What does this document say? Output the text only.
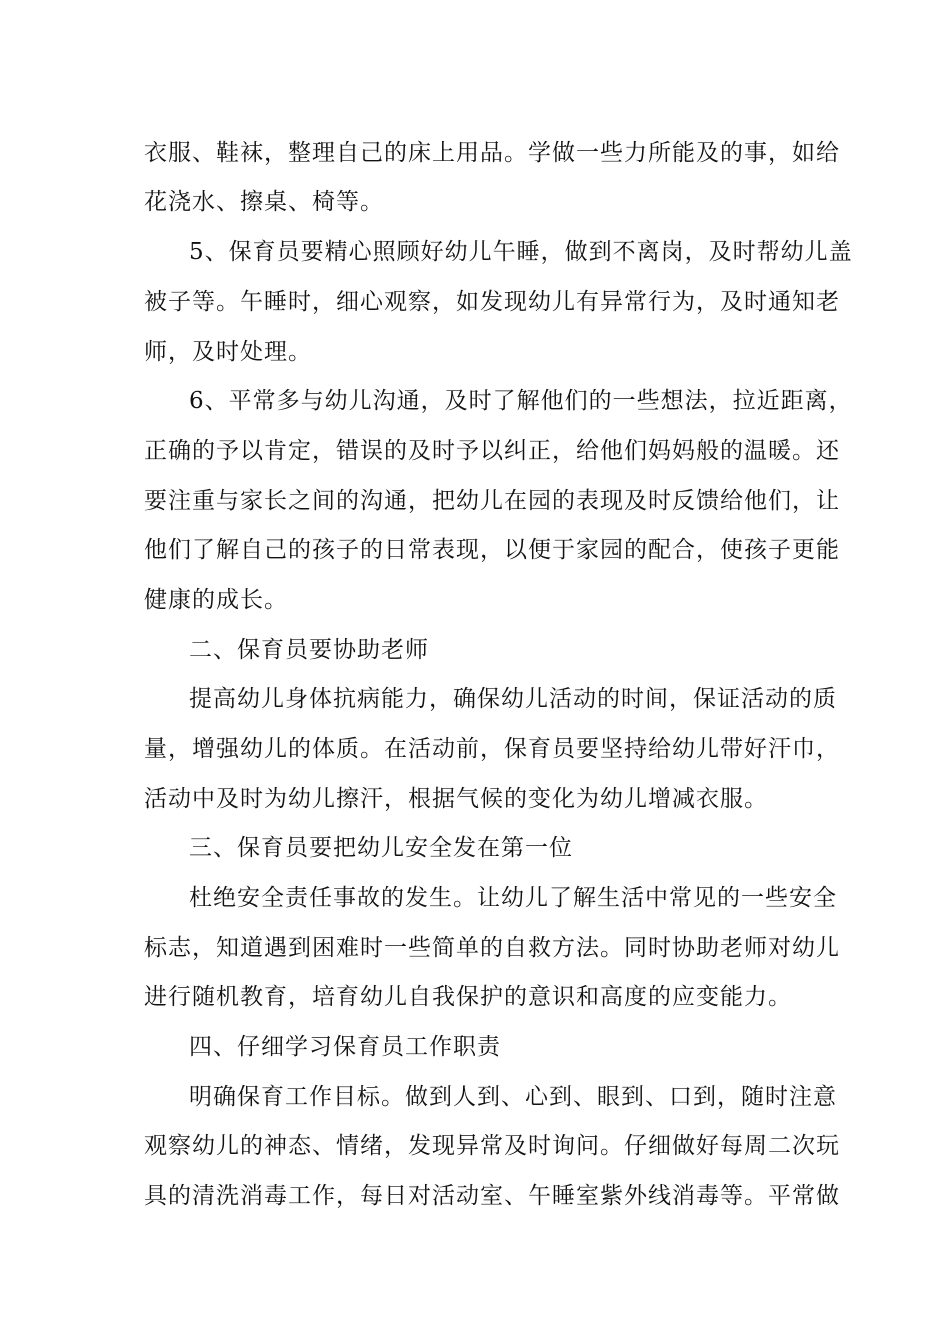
衣服、鞋袜，整理自己的床上用品。学做一些力所能及的事，如给
花浇水、擦桌、椅等。
5、保育员要精心照顾好幼儿午睡，做到不离岗，及时帮幼儿盖
被子等。午睡时，细心观察，如发现幼儿有异常行为，及时通知老
师，及时处理。
6、平常多与幼儿沟通，及时了解他们的一些想法，拉近距离，
正确的予以肯定，错误的及时予以纠正，给他们妈妈般的温暖。还
要注重与家长之间的沟通，把幼儿在园的表现及时反馈给他们，让
他们了解自己的孩子的日常表现，以便于家园的配合，使孩子更能
健康的成长。
二、保育员要协助老师
提高幼儿身体抗病能力，确保幼儿活动的时间，保证活动的质
量，增强幼儿的体质。在活动前，保育员要坚持给幼儿带好汗巾，
活动中及时为幼儿擦汗，根据气候的变化为幼儿增减衣服。
三、保育员要把幼儿安全发在第一位
杜绝安全责任事故的发生。让幼儿了解生活中常见的一些安全
标志，知道遇到困难时一些简单的自救方法。同时协助老师对幼儿
进行随机教育，培育幼儿自我保护的意识和高度的应变能力。
四、仔细学习保育员工作职责
明确保育工作目标。做到人到、心到、眼到、口到，随时注意
观察幼儿的神态、情绪，发现异常及时询问。仔细做好每周二次玩
具的清洗消毒工作，每日对活动室、午睡室紫外线消毒等。平常做
